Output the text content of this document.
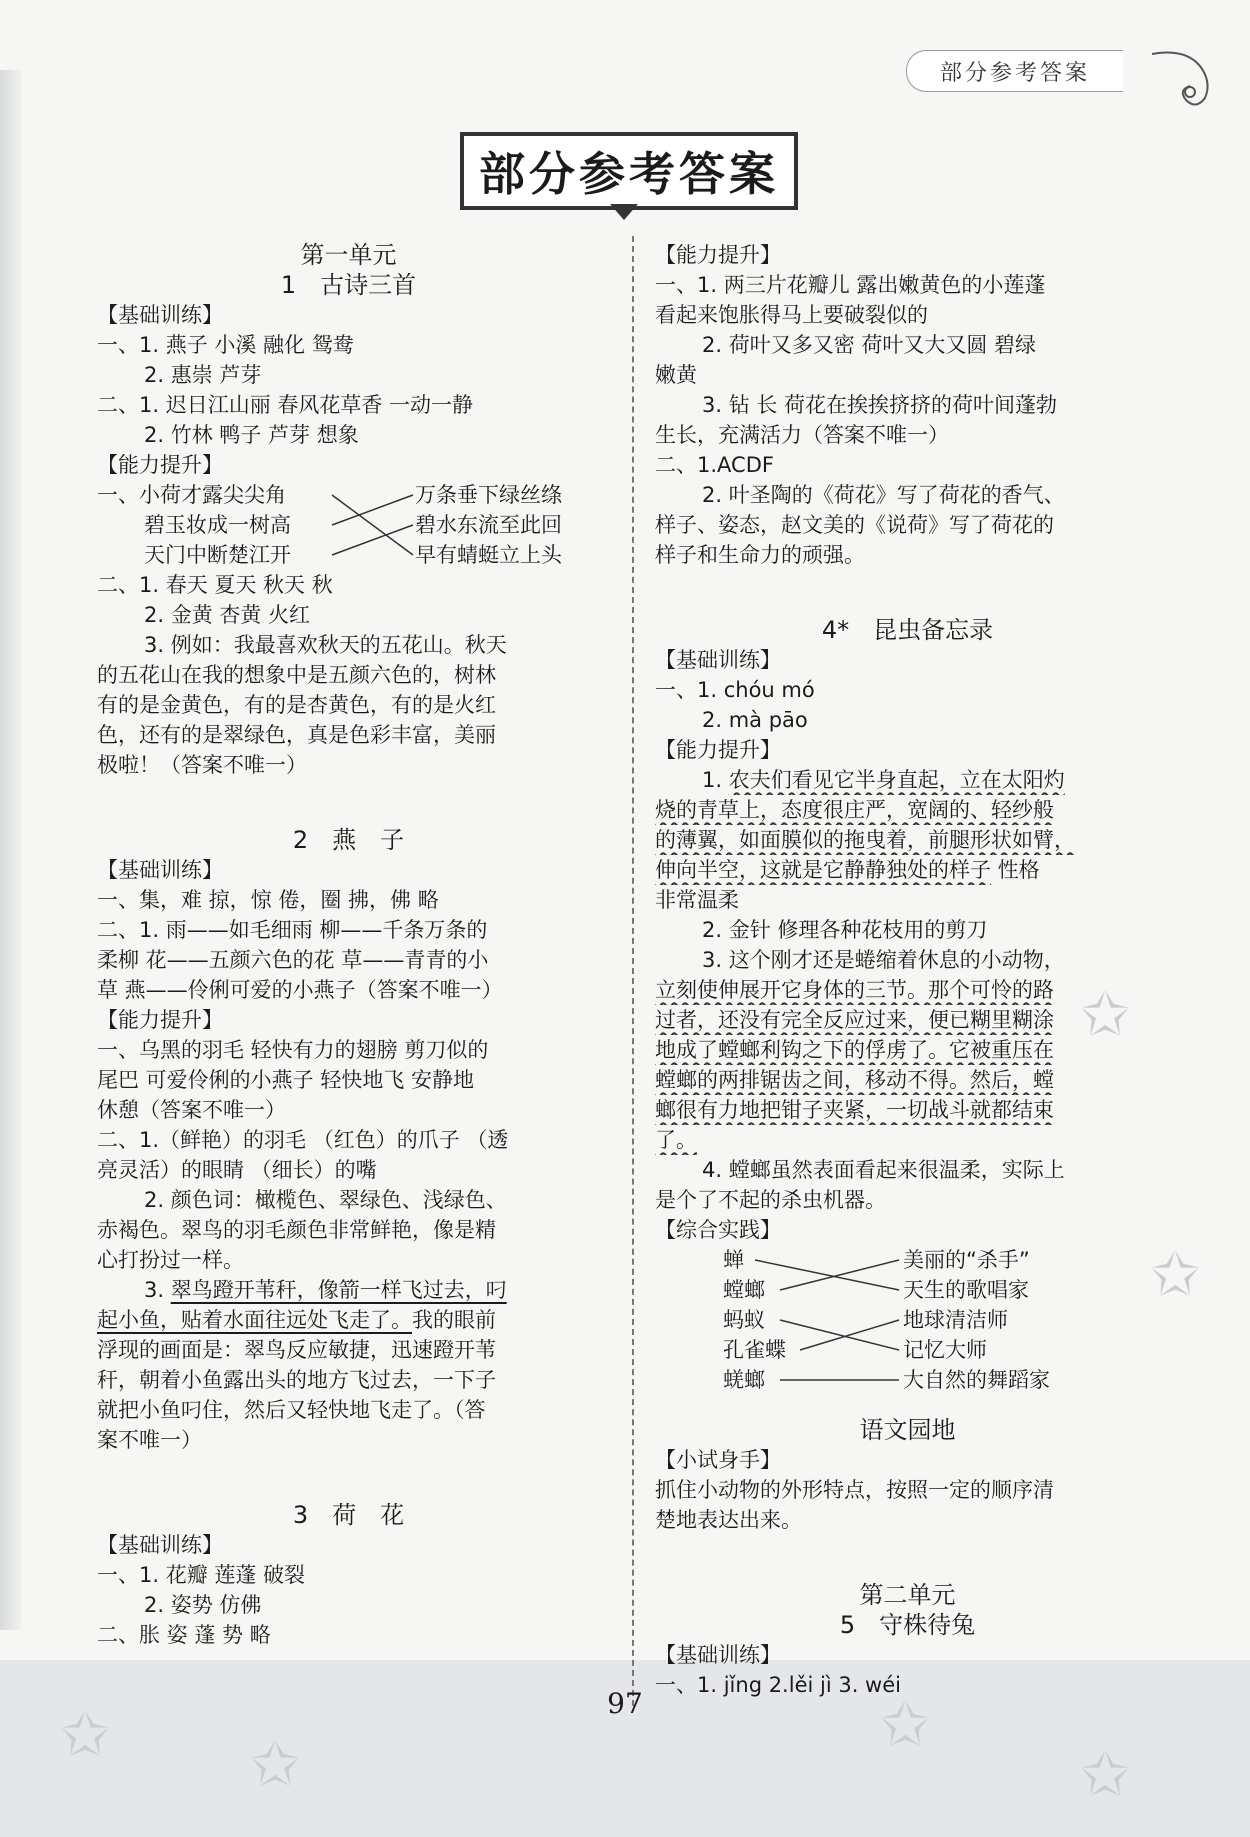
✩ ✩
✩
✩
✩
✩
部分参考答案
部分参考答案
第一单元
1　古诗三首
【基础训练】
一、1. 燕子 小溪 融化 鸳鸯
2. 惠崇 芦芽
二、1. 迟日江山丽 春风花草香 一动一静
2. 竹林 鸭子 芦芽 想象
【能力提升】
一、小荷才露尖尖角
碧玉妆成一树高
天门中断楚江开
万条垂下绿丝绦
碧水东流至此回
早有蜻蜓立上头
二、1. 春天 夏天 秋天 秋
2. 金黄 杏黄 火红
3. 例如：我最喜欢秋天的五花山。秋天
的五花山在我的想象中是五颜六色的，树林
有的是金黄色，有的是杏黄色，有的是火红
色，还有的是翠绿色，真是色彩丰富，美丽
极啦！（答案不唯一）
2　燕　子
【基础训练】
一、集，难 掠，惊 倦，圈 拂，佛 略
二、1. 雨——如毛细雨 柳——千条万条的
柔柳 花——五颜六色的花 草——青青的小
草 燕——伶俐可爱的小燕子（答案不唯一）
【能力提升】
一、乌黑的羽毛 轻快有力的翅膀 剪刀似的
尾巴 可爱伶俐的小燕子 轻快地飞 安静地
休憩（答案不唯一）
二、1.（鲜艳）的羽毛 （红色）的爪子 （透
亮灵活）的眼睛 （细长）的嘴
2. 颜色词：橄榄色、翠绿色、浅绿色、
赤褐色。翠鸟的羽毛颜色非常鲜艳，像是精
心打扮过一样。
3. 翠鸟蹬开苇秆，像箭一样飞过去，叼
起小鱼，贴着水面往远处飞走了。我的眼前
浮现的画面是：翠鸟反应敏捷，迅速蹬开苇
秆，朝着小鱼露出头的地方飞过去，一下子
就把小鱼叼住，然后又轻快地飞走了。（答
案不唯一）
3　荷　花
【基础训练】
一、1. 花瓣 莲蓬 破裂
2. 姿势 仿佛
二、胀 姿 蓬 势 略
【能力提升】
一、1. 两三片花瓣儿 露出嫩黄色的小莲蓬
看起来饱胀得马上要破裂似的
2. 荷叶又多又密 荷叶又大又圆 碧绿
嫩黄
3. 钻 长 荷花在挨挨挤挤的荷叶间蓬勃
生长，充满活力（答案不唯一）
二、1.ACDF
2. 叶圣陶的《荷花》写了荷花的香气、
样子、姿态，赵文美的《说荷》写了荷花的
样子和生命力的顽强。
4*　昆虫备忘录
【基础训练】
一、1. chóu mó
2. mà pāo
【能力提升】
1. 农夫们看见它半身直起，立在太阳灼
烧的青草上，态度很庄严，宽阔的、轻纱般
的薄翼，如面膜似的拖曳着，前腿形状如臂，
伸向半空，这就是它静静独处的样子 性格
非常温柔
2. 金针 修理各种花枝用的剪刀
3. 这个刚才还是蜷缩着休息的小动物，
立刻使伸展开它身体的三节。那个可怜的路
过者，还没有完全反应过来，便已糊里糊涂
地成了螳螂利钩之下的俘虏了。它被重压在
螳螂的两排锯齿之间，移动不得。然后，螳
螂很有力地把钳子夹紧，一切战斗就都结束
了。
4. 螳螂虽然表面看起来很温柔，实际上
是个了不起的杀虫机器。
【综合实践】
蝉
螳螂
蚂蚁
孔雀蝶
蜣螂
美丽的“杀手”
天生的歌唱家
地球清洁师
记忆大师
大自然的舞蹈家
语文园地
【小试身手】
抓住小动物的外形特点，按照一定的顺序清
楚地表达出来。
第二单元
5　守株待兔
【基础训练】
一、1. jǐng 2.lěi jì 3. wéi
97
